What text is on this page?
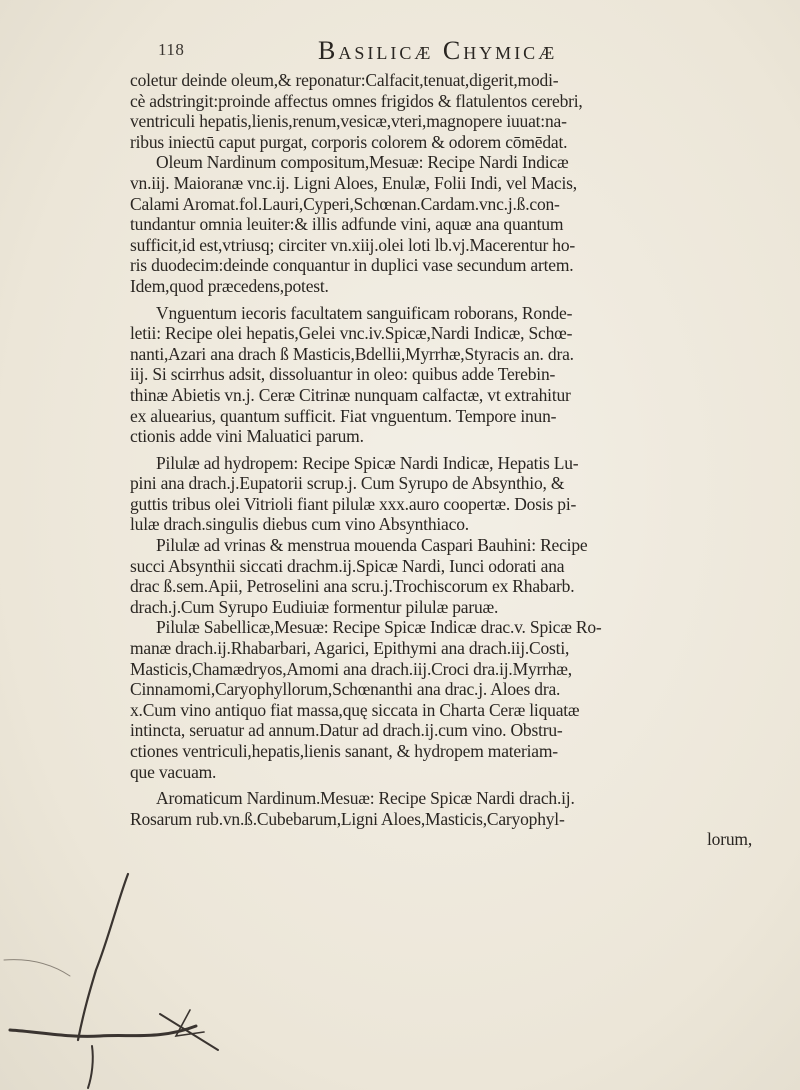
118	Basilicæ Chymicæ
coletur deinde oleum,& reponatur:Calfacit,tenuat,digerit,modi-
cè adstringit:proinde affectus omnes frigidos & flatulentos cerebri,
ventriculi hepatis,lienis,renum,vesicæ,vteri,magnopere iuuat:na-
ribus iniectū caput purgat, corporis colorem & odorem cōmēdat.
Oleum Nardinum compositum,Mesuæ: Recipe Nardi Indicæ
vn.iij. Maioranæ vnc.ij. Ligni Aloes, Enulæ, Folii Indi, vel Macis,
Calami Aromat.fol.Lauri,Cyperi,Schœnan.Cardam.vnc.j.ß.con-
tundantur omnia leuiter:& illis adfunde vini, aquæ ana quantum
sufficit,id est,vtriusq; circiter vn.xiij.olei loti lb.vj.Macerentur ho-
ris duodecim:deinde conquantur in duplici vase secundum artem.
Idem,quod præcedens,potest.
Vnguentum iecoris facultatem sanguificam roborans, Ronde-
letii: Recipe olei hepatis,Gelei vnc.iv.Spicæ,Nardi Indicæ, Schœ-
nanti,Azari ana drach ß Masticis,Bdellii,Myrrhæ,Styracis an. dra.
iij. Si scirrhus adsit, dissoluantur in oleo: quibus adde Terebin-
thinæ Abietis vn.j. Ceræ Citrinæ nunquam calfactæ, vt extrahitur
ex aluearius, quantum sufficit. Fiat vnguentum. Tempore inun-
ctionis adde vini Maluatici parum.
Pilulæ ad hydropem: Recipe Spicæ Nardi Indicæ, Hepatis Lu-
pini ana drach.j.Eupatorii scrup.j. Cum Syrupo de Absynthio, &
guttis tribus olei Vitrioli fiant pilulæ xxx.auro coopertæ. Dosis pi-
lulæ drach.singulis diebus cum vino Absynthiaco.
Pilulæ ad vrinas & menstrua mouenda Caspari Bauhini: Recipe
succi Absynthii siccati drachm.ij.Spicæ Nardi, Iunci odorati ana
drac ß.sem.Apii, Petroselini ana scru.j.Trochiscorum ex Rhabarb.
drach.j.Cum Syrupo Eudiuiæ formentur pilulæ paruæ.
Pilulæ Sabellicæ,Mesuæ: Recipe Spicæ Indicæ drac.v. Spicæ Ro-
manæ drach.ij.Rhabarbari, Agarici, Epithymi ana drach.iij.Costi,
Masticis,Chamædryos,Amomi ana drach.iij.Croci dra.ij.Myrrhæ,
Cinnamomi,Caryophyllorum,Schœnanthi ana drac.j. Aloes dra.
x.Cum vino antiquo fiat massa,quę siccata in Charta Ceræ liquatæ
intincta, seruatur ad annum.Datur ad drach.ij.cum vino. Obstru-
ctiones ventriculi,hepatis,lienis sanant, & hydropem materiam-
que vacuam.
Aromaticum Nardinum.Mesuæ: Recipe Spicæ Nardi drach.ij.
Rosarum rub.vn.ß.Cubebarum,Ligni Aloes,Masticis,Caryophyl-
lorum,
